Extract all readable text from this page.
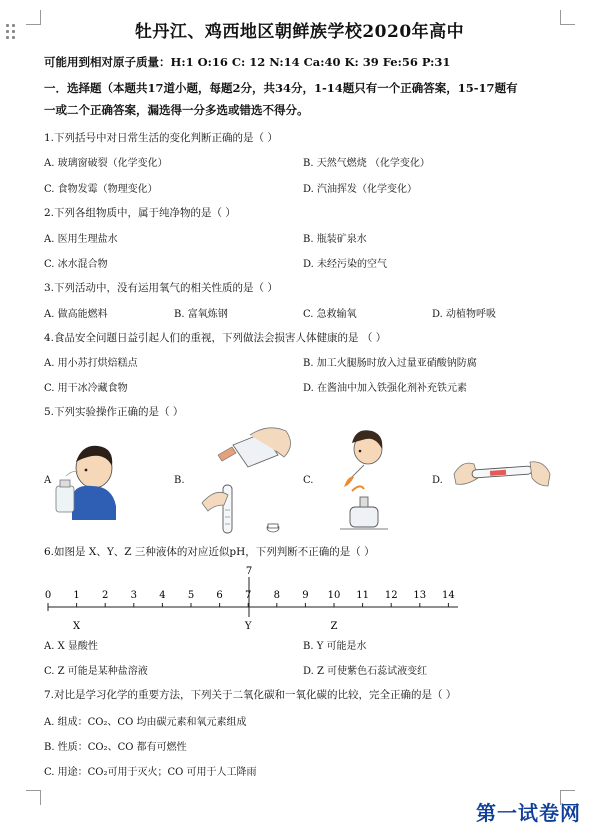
牡丹江、鸡西地区朝鲜族学校2020年高中
可能用到相对原子质量：H:1 O:16 C: 12 N:14 Ca:40 K: 39 Fe:56 P:31
一．选择题（本题共17道小题，每题2分，共34分，1-14题只有一个正确答案，15-17题有
一或二个正确答案，漏选得一分多选或错选不得分。
1.下列括号中对日常生活的变化判断正确的是（ ）
A. 玻璃窗破裂（化学变化）	B. 天然气燃烧 （化学变化）
C. 食物发霉（物理变化）	D. 汽油挥发（化学变化）
2.下列各组物质中，属于纯净物的是（ ）
A. 医用生理盐水	B. 瓶装矿泉水
C. 冰水混合物	D. 未经污染的空气
3.下列活动中，没有运用氧气的相关性质的是（ ）
A. 做高能燃料	B. 富氧炼钢	C. 急救输氧	D. 动植物呼吸
4.食品安全问题日益引起人们的重视，下列做法会损害人体健康的是 （ ）
A. 用小苏打烘焙糕点	B. 加工火腿肠时放入过量亚硝酸钠防腐
C. 用干冰冷藏食物	D. 在酱油中加入铁强化剂补充铁元素
5.下列实验操作正确的是（ ）
A	B.	C.	D.
6.如图是 X、Y、Z 三种液体的对应近似pH，下列判断不正确的是（ ）
7
0 1 2 3 4 5 6 7 8 9 10 11 12 13 14
X	Y	Z
A. X 显酸性	B. Y 可能是水
C. Z 可能是某种盐溶液	D. Z 可使紫色石蕊试液变红
7.对比是学习化学的重要方法，下列关于二氧化碳和一氧化碳的比较，完全正确的是（ ）
A. 组成：CO₂、CO 均由碳元素和氧元素组成
B. 性质：CO₂、CO 都有可燃性
C. 用途：CO₂可用于灭火；CO 可用于人工降雨
第一试卷网
